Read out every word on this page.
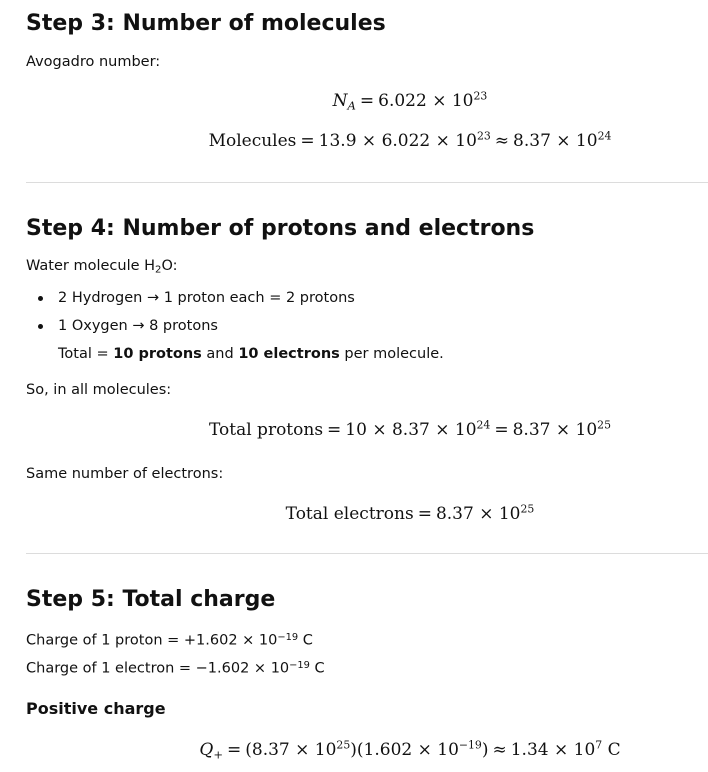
Step 3: Number of molecules
Avogadro number:
$N_A = 6.022 \times 10^{23}$
Molecules = $13.9 \times 6.022 \times 10^{23} \approx 8.37 \times 10^{24}$
Step 4: Number of protons and electrons
Water molecule $H_2O$:
2 Hydrogen → 1 proton each = 2 protons
1 Oxygen → 8 protons
Total = 10 protons and 10 electrons per molecule.
So, in all molecules:
Total protons = $10 \times 8.37 \times 10^{24} = 8.37 \times 10^{25}$
Same number of electrons:
Total electrons = $8.37 \times 10^{25}$
Step 5: Total charge
Charge of 1 proton = $+1.602 \times 10^{-19}$ C
Charge of 1 electron = $-1.602 \times 10^{-19}$ C
Positive charge
$Q_+ = (8.37 \times 10^{25})(1.602 \times 10^{-19}) \approx 1.34 \times 10^7$ C
